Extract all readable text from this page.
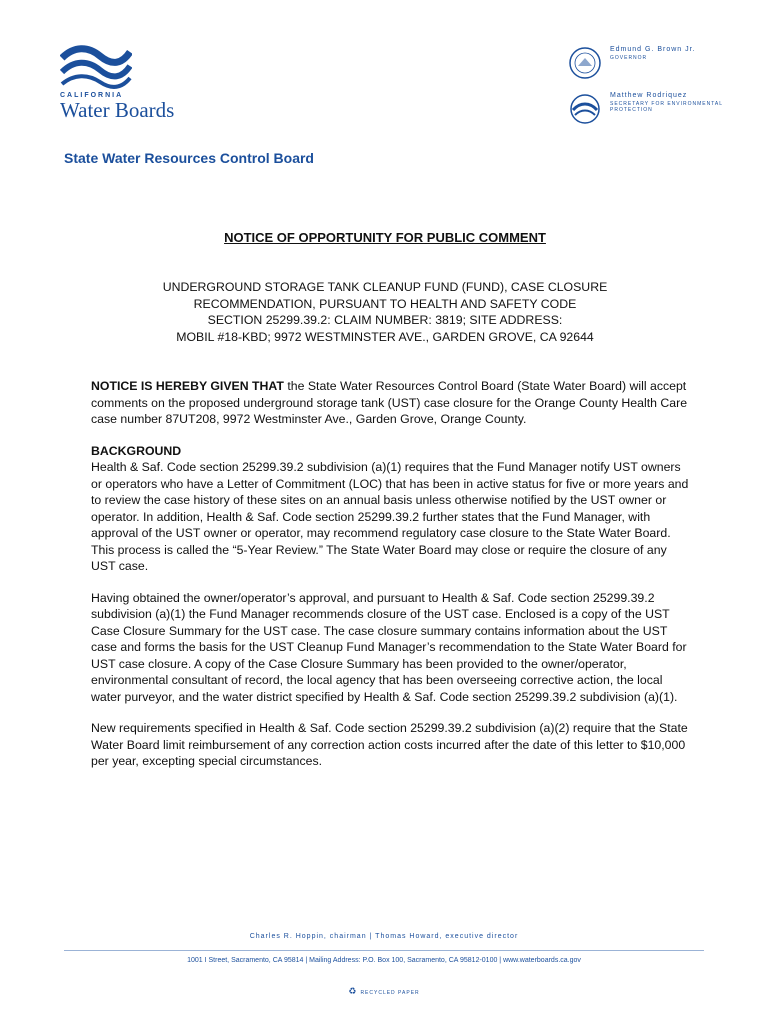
CALIFORNIA
Water Boards
State Water Resources Control Board
Edmund G. Brown Jr.
GOVERNOR
Matthew Rodriquez
SECRETARY FOR ENVIRONMENTAL PROTECTION
NOTICE OF OPPORTUNITY FOR PUBLIC COMMENT
UNDERGROUND STORAGE TANK CLEANUP FUND (FUND), CASE CLOSURE
RECOMMENDATION, PURSUANT TO HEALTH AND SAFETY CODE
SECTION 25299.39.2: CLAIM NUMBER: 3819; SITE ADDRESS:
MOBIL #18-KBD; 9972 WESTMINSTER AVE., GARDEN GROVE, CA 92644

NOTICE IS HEREBY GIVEN THAT the State Water Resources Control Board (State Water Board) will accept comments on the proposed underground storage tank (UST) case closure for the Orange County Health Care case number 87UT208, 9972 Westminster Ave., Garden Grove, Orange County.

BACKGROUND
Health & Saf. Code section 25299.39.2 subdivision (a)(1) requires that the Fund Manager notify UST owners or operators who have a Letter of Commitment (LOC) that has been in active status for five or more years and to review the case history of these sites on an annual basis unless otherwise notified by the UST owner or operator. In addition, Health & Saf. Code section 25299.39.2 further states that the Fund Manager, with approval of the UST owner or operator, may recommend regulatory case closure to the State Water Board. This process is called the “5-Year Review.” The State Water Board may close or require the closure of any UST case.

Having obtained the owner/operator’s approval, and pursuant to Health & Saf. Code section 25299.39.2 subdivision (a)(1) the Fund Manager recommends closure of the UST case. Enclosed is a copy of the UST Case Closure Summary for the UST case. The case closure summary contains information about the UST case and forms the basis for the UST Cleanup Fund Manager’s recommendation to the State Water Board for UST case closure. A copy of the Case Closure Summary has been provided to the owner/operator, environmental consultant of record, the local agency that has been overseeing corrective action, the local water purveyor, and the water district specified by Health & Saf. Code section 25299.39.2 subdivision (a)(1).

New requirements specified in Health & Saf. Code section 25299.39.2 subdivision (a)(2) require that the State Water Board limit reimbursement of any correction action costs incurred after the date of this letter to $10,000 per year, excepting special circumstances.

Charles R. Hoppin, chairman | Thomas Howard, executive director
1001 I Street, Sacramento, CA 95814 | Mailing Address: P.O. Box 100, Sacramento, CA 95812-0100 | www.waterboards.ca.gov
♻ RECYCLED PAPER
